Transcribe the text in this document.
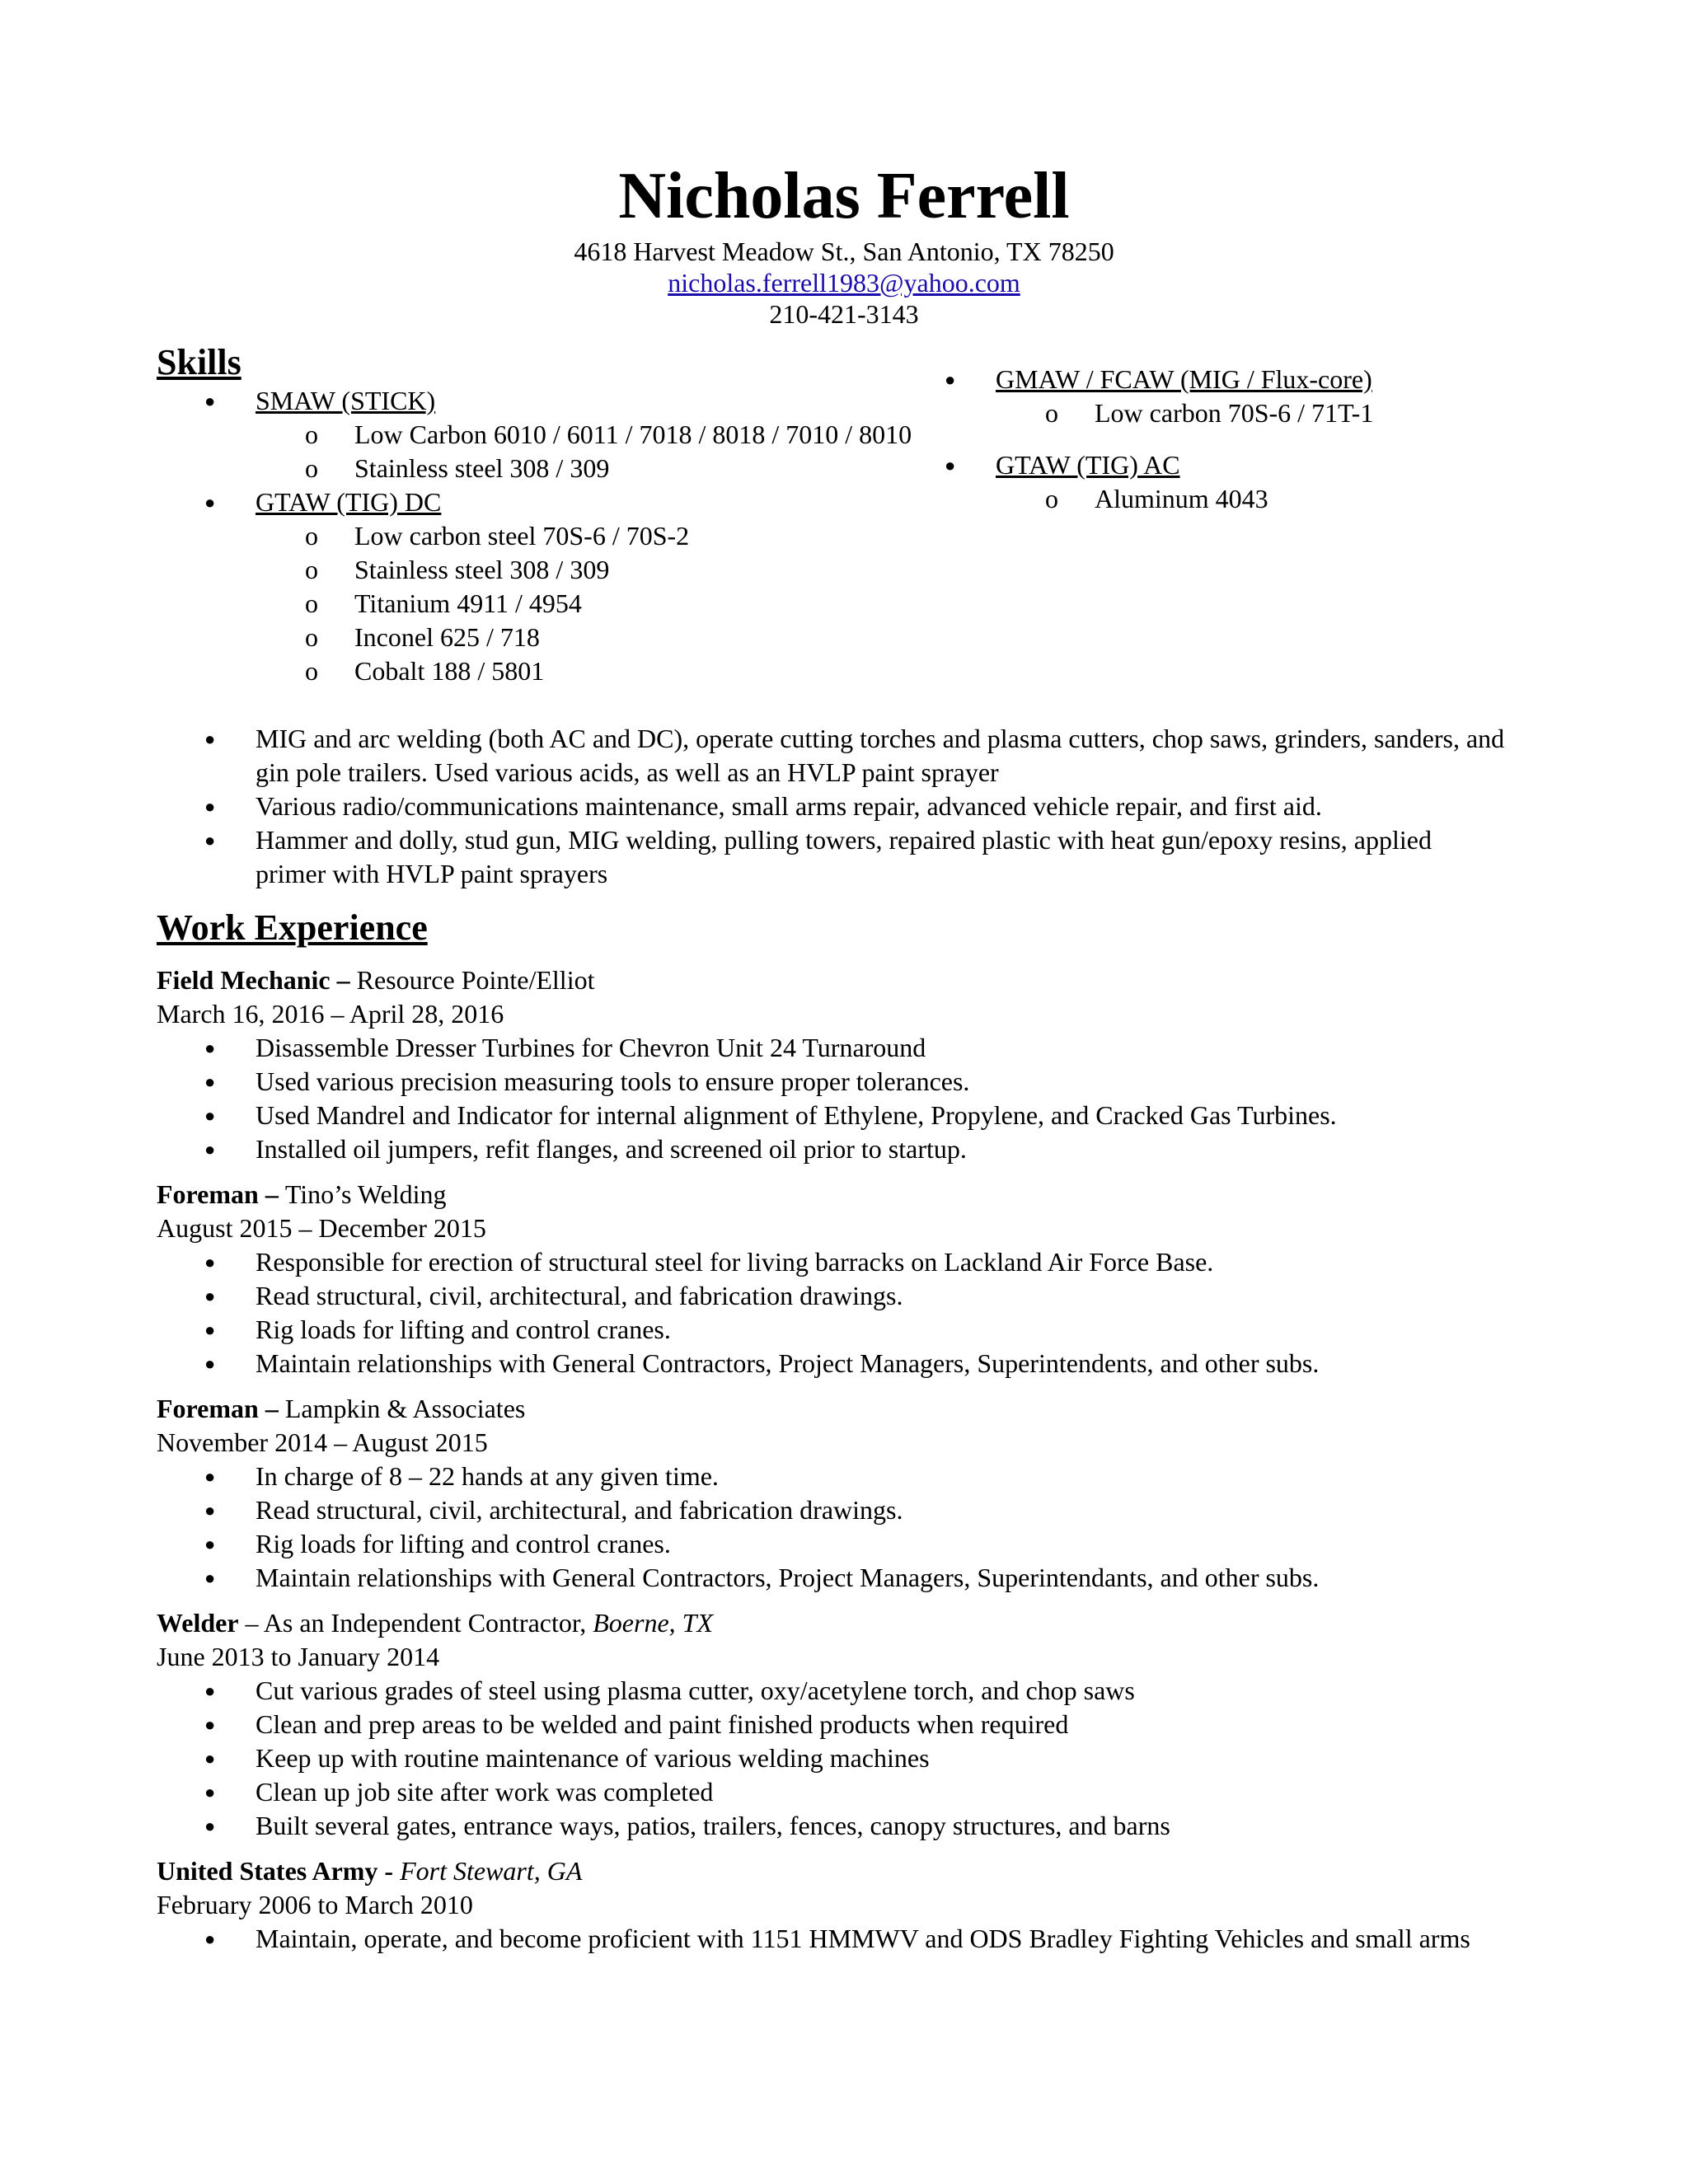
Nicholas Ferrell
4618 Harvest Meadow St., San Antonio, TX 78250
nicholas.ferrell1983@yahoo.com
210-421-3143
Skills
● SMAW (STICK)
o Low Carbon 6010 / 6011 / 7018 / 8018 / 7010 / 8010
o Stainless steel 308 / 309
● GTAW (TIG) DC
o Low carbon steel 70S-6 / 70S-2
o Stainless steel 308 / 309
o Titanium 4911 / 4954
o Inconel 625 / 718
o Cobalt 188 / 5801
● GMAW / FCAW (MIG / Flux-core)
o Low carbon 70S-6 / 71T-1
● GTAW (TIG) AC
o Aluminum 4043
● MIG and arc welding (both AC and DC), operate cutting torches and plasma cutters, chop saws, grinders, sanders, and gin pole trailers. Used various acids, as well as an HVLP paint sprayer
● Various radio/communications maintenance, small arms repair, advanced vehicle repair, and first aid.
● Hammer and dolly, stud gun, MIG welding, pulling towers, repaired plastic with heat gun/epoxy resins, applied primer with HVLP paint sprayers
Work Experience
Field Mechanic – Resource Pointe/Elliot
March 16, 2016 – April 28, 2016
● Disassemble Dresser Turbines for Chevron Unit 24 Turnaround
● Used various precision measuring tools to ensure proper tolerances.
● Used Mandrel and Indicator for internal alignment of Ethylene, Propylene, and Cracked Gas Turbines.
● Installed oil jumpers, refit flanges, and screened oil prior to startup.
Foreman – Tino’s Welding
August 2015 – December 2015
● Responsible for erection of structural steel for living barracks on Lackland Air Force Base.
● Read structural, civil, architectural, and fabrication drawings.
● Rig loads for lifting and control cranes.
● Maintain relationships with General Contractors, Project Managers, Superintendents, and other subs.
Foreman – Lampkin & Associates
November 2014 – August 2015
● In charge of 8 – 22 hands at any given time.
● Read structural, civil, architectural, and fabrication drawings.
● Rig loads for lifting and control cranes.
● Maintain relationships with General Contractors, Project Managers, Superintendants, and other subs.
Welder – As an Independent Contractor, Boerne, TX
June 2013 to January 2014
● Cut various grades of steel using plasma cutter, oxy/acetylene torch, and chop saws
● Clean and prep areas to be welded and paint finished products when required
● Keep up with routine maintenance of various welding machines
● Clean up job site after work was completed
● Built several gates, entrance ways, patios, trailers, fences, canopy structures, and barns
United States Army - Fort Stewart, GA
February 2006 to March 2010
● Maintain, operate, and become proficient with 1151 HMMWV and ODS Bradley Fighting Vehicles and small arms
